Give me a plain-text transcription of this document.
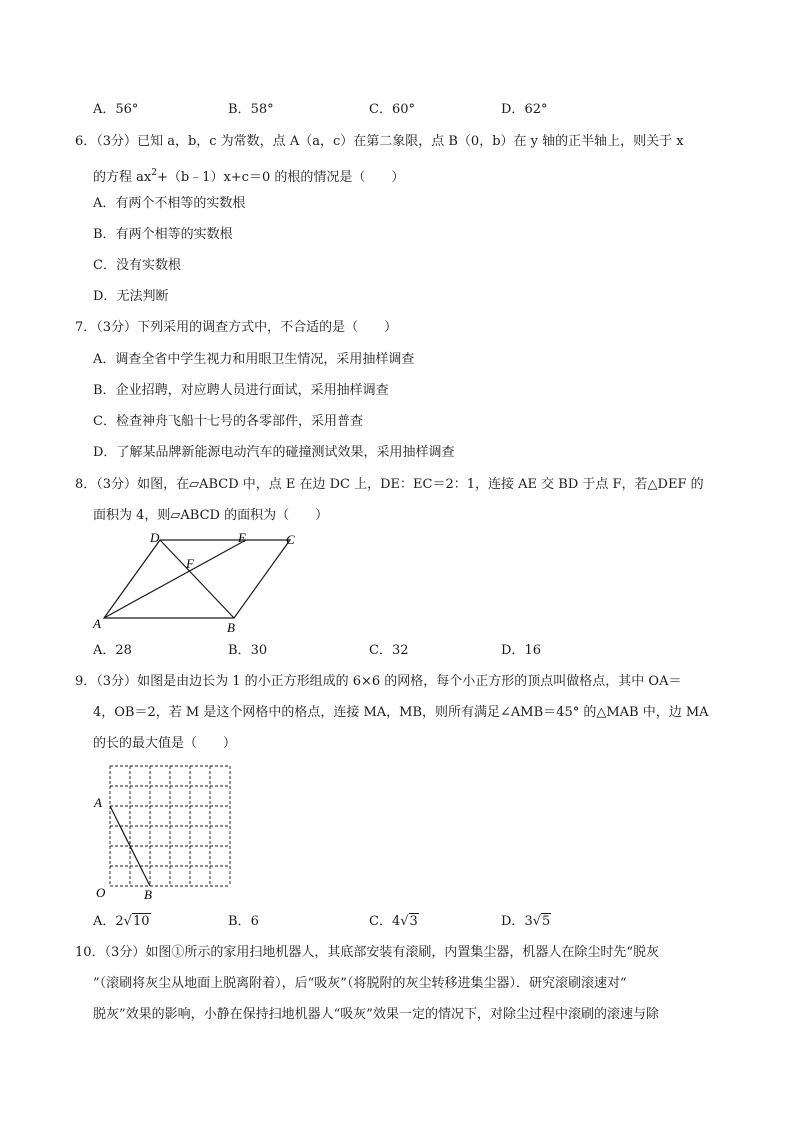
A．56°	B．58°	C．60°	D．62°
6．（3分）已知 a，b，c 为常数，点 A（a，c）在第二象限，点 B（0，b）在 y 轴的正半轴上，则关于 x
的方程 $ax^2+(b﹣1)x+c=0$ 的根的情况是（　　）
A．有两个不相等的实数根
B．有两个相等的实数根
C．没有实数根
D．无法判断
7．（3分）下列采用的调查方式中，不合适的是（　　）
A．调查全省中学生视力和用眼卫生情况，采用抽样调查
B．企业招聘，对应聘人员进行面试，采用抽样调查
C．检查神舟飞船十七号的各零部件，采用普查
D．了解某品牌新能源电动汽车的碰撞测试效果，采用抽样调查
8．（3分）如图，在▱ABCD 中，点 E 在边 DC 上，DE：EC＝2：1，连接 AE 交 BD 于点 F，若△DEF 的
面积为 4，则▱ABCD 的面积为（　　）
D	E	C
F
A	B
A．28	B．30	C．32	D．16
9．（3分）如图是由边长为 1 的小正方形组成的 6×6 的网格，每个小正方形的顶点叫做格点，其中 OA＝
4，OB＝2，若 M 是这个网格中的格点，连接 MA，MB，则所有满足∠AMB＝45° 的△MAB 中，边 MA
的长的最大值是（　　）
A
O	B
A．2√10	B．6	C．4√3	D．3√5
10．（3分）如图①所示的家用扫地机器人，其底部安装有滚刷，内置集尘器，机器人在除尘时先“脱灰
”（滚刷将灰尘从地面上脱离附着），后“吸灰”（将脱附的灰尘转移进集尘器）．研究滚刷滚速对“
脱灰”效果的影响，小静在保持扫地机器人“吸灰”效果一定的情况下，对除尘过程中滚刷的滚速与除
